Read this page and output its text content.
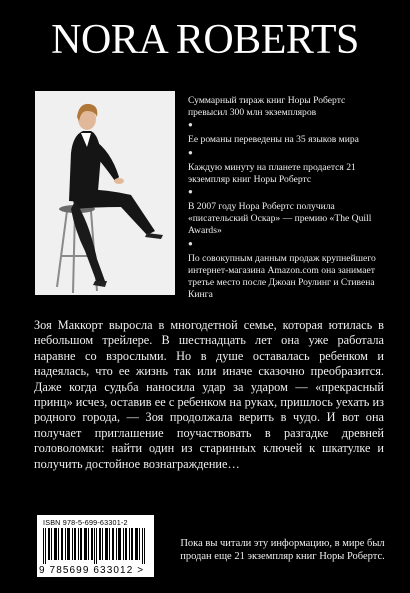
NORA ROBERTS
Суммарный тираж книг Норы Робертс превысил 300 млн экземпляров
●
Ее романы переведены на 35 языков мира
●
Каждую минуту на планете продается 21 экземпляр книг Норы Робертс
●
В 2007 году Нора Робертс получила «писательский Оскар» — премию «The Quill Awards»
●
По совокупным данным продаж крупнейшего интернет-магазина Amazon.com она занимает третье место после Джоан Роулинг и Стивена Кинга

Зоя Маккорт выросла в многодетной семье, которая ютилась в небольшом трейлере. В шестнадцать лет она уже работала наравне со взрослыми. Но в душе оставалась ребенком и надеялась, что ее жизнь так или иначе сказочно преобразится. Даже когда судьба наносила удар за ударом — «прекрасный принц» исчез, оставив ее с ребенком на руках, пришлось уехать из родного города, — Зоя продолжала верить в чудо. И вот она получает приглашение поучаствовать в разгадке древней головоломки: найти один из старинных ключей к шкатулке и получить достойное вознаграждение…

ISBN 978-5-699-63301-2
9 785699 633012 >
Пока вы читали эту информацию, в мире был продан еще 21 экземпляр книг Норы Робертс.
